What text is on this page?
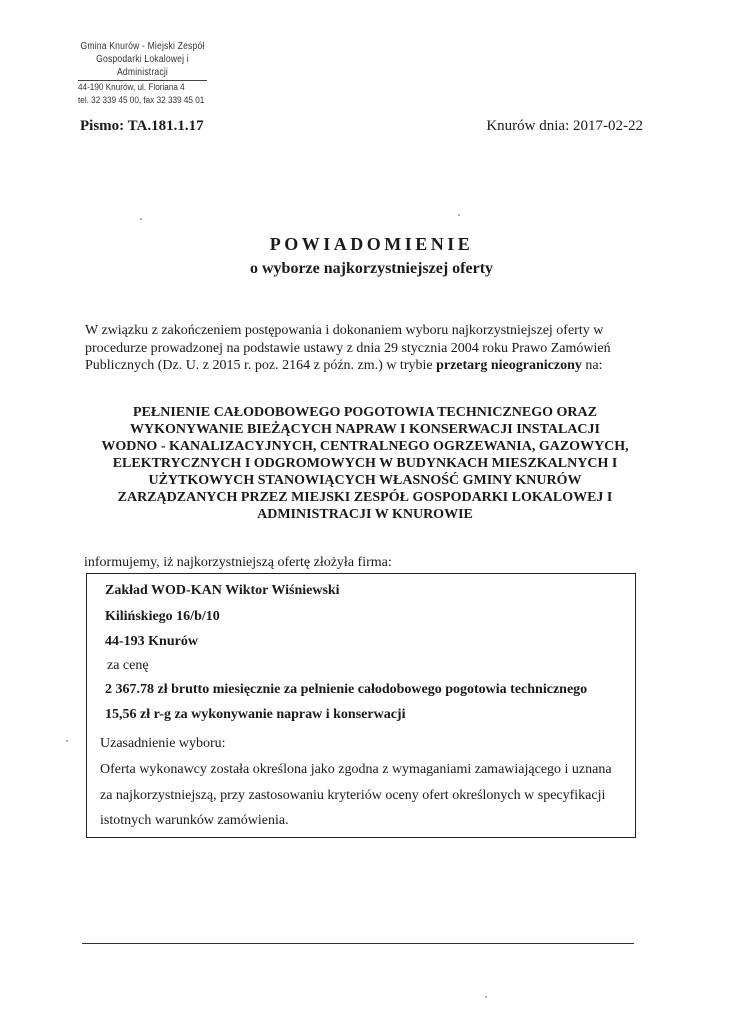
Gmina Knurów - Miejski Zespół
Gospodarki Lokalowej i Administracji
44-190 Knurów, ul. Floriana 4
tel. 32 339 45 00, fax 32 339 45 01
Pismo: TA.181.1.17	Knurów dnia: 2017-02-22
POWIADOMIENIE
o wyborze najkorzystniejszej oferty
W związku z zakończeniem postępowania i dokonaniem wyboru najkorzystniejszej oferty w
procedurze prowadzonej na podstawie ustawy z dnia 29 stycznia 2004 roku Prawo Zamówień
Publicznych (Dz. U. z 2015 r. poz. 2164 z późn. zm.) w trybie przetarg nieograniczony na:
PEŁNIENIE CAŁODOBOWEGO POGOTOWIA TECHNICZNEGO ORAZ
WYKONYWANIE BIEŻĄCYCH NAPRAW I KONSERWACJI INSTALACJI
WODNO - KANALIZACYJNYCH, CENTRALNEGO OGRZEWANIA, GAZOWYCH,
ELEKTRYCZNYCH I ODGROMOWYCH W BUDYNKACH MIESZKALNYCH I
UŻYTKOWYCH STANOWIĄCYCH WŁASNOŚĆ GMINY KNURÓW
ZARZĄDZANYCH PRZEZ MIEJSKI ZESPÓŁ GOSPODARKI LOKALOWEJ I
ADMINISTRACJI W KNUROWIE
informujemy, iż najkorzystniejszą ofertę złożyła firma:
Zakład WOD-KAN Wiktor Wiśniewski
Kilińskiego 16/b/10
44-193 Knurów
za cenę
2 367.78 zł brutto miesięcznie za pelnienie całodobowego pogotowia technicznego
15,56 zł r-g za wykonywanie napraw i konserwacji
Uzasadnienie wyboru:
Oferta wykonawcy została określona jako zgodna z wymaganiami zamawiającego i uznana
za najkorzystniejszą, przy zastosowaniu kryteriów oceny ofert określonych w specyfikacji
istotnych warunków zamówienia.
